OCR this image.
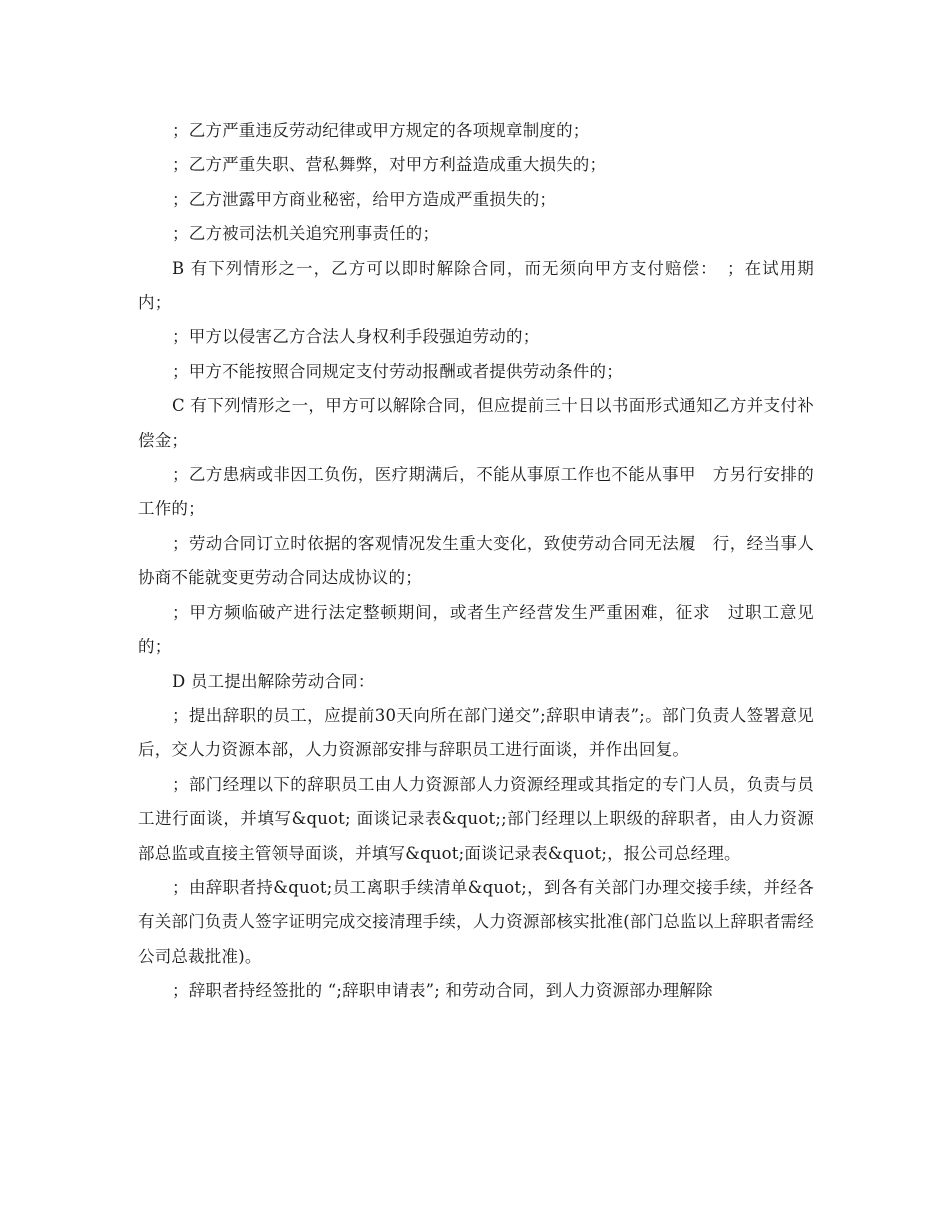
；乙方严重违反劳动纪律或甲方规定的各项规章制度的；

；乙方严重失职、营私舞弊，对甲方利益造成重大损失的；

；乙方泄露甲方商业秘密，给甲方造成严重损失的；

；乙方被司法机关追究刑事责任的；

B 有下列情形之一，乙方可以即时解除合同，而无须向甲方支付赔偿：　；在试用期内；

；甲方以侵害乙方合法人身权利手段强迫劳动的；

；甲方不能按照合同规定支付劳动报酬或者提供劳动条件的；

C 有下列情形之一，甲方可以解除合同，但应提前三十日以书面形式通知乙方并支付补偿金；

；乙方患病或非因工负伤，医疗期满后，不能从事原工作也不能从事甲　方另行安排的工作的；

；劳动合同订立时依据的客观情况发生重大变化，致使劳动合同无法履　行，经当事人协商不能就变更劳动合同达成协议的；

；甲方频临破产进行法定整顿期间，或者生产经营发生严重困难，征求　过职工意见的；

D 员工提出解除劳动合同：

；提出辞职的员工，应提前30天向所在部门递交”;辞职申请表”;。部门负责人签署意见后，交人力资源本部，人力资源部安排与辞职员工进行面谈，并作出回复。

；部门经理以下的辞职员工由人力资源部人力资源经理或其指定的专门人员，负责与员工进行面谈，并填写&quot; 面谈记录表&quot;;部门经理以上职级的辞职者，由人力资源部总监或直接主管领导面谈，并填写&quot;面谈记录表&quot;，报公司总经理。

；由辞职者持&quot;员工离职手续清单&quot;，到各有关部门办理交接手续，并经各有关部门负责人签字证明完成交接清理手续，人力资源部核实批准(部门总监以上辞职者需经公司总裁批准)。

；辞职者持经签批的 “;辞职申请表”; 和劳动合同，到人力资源部办理解除
